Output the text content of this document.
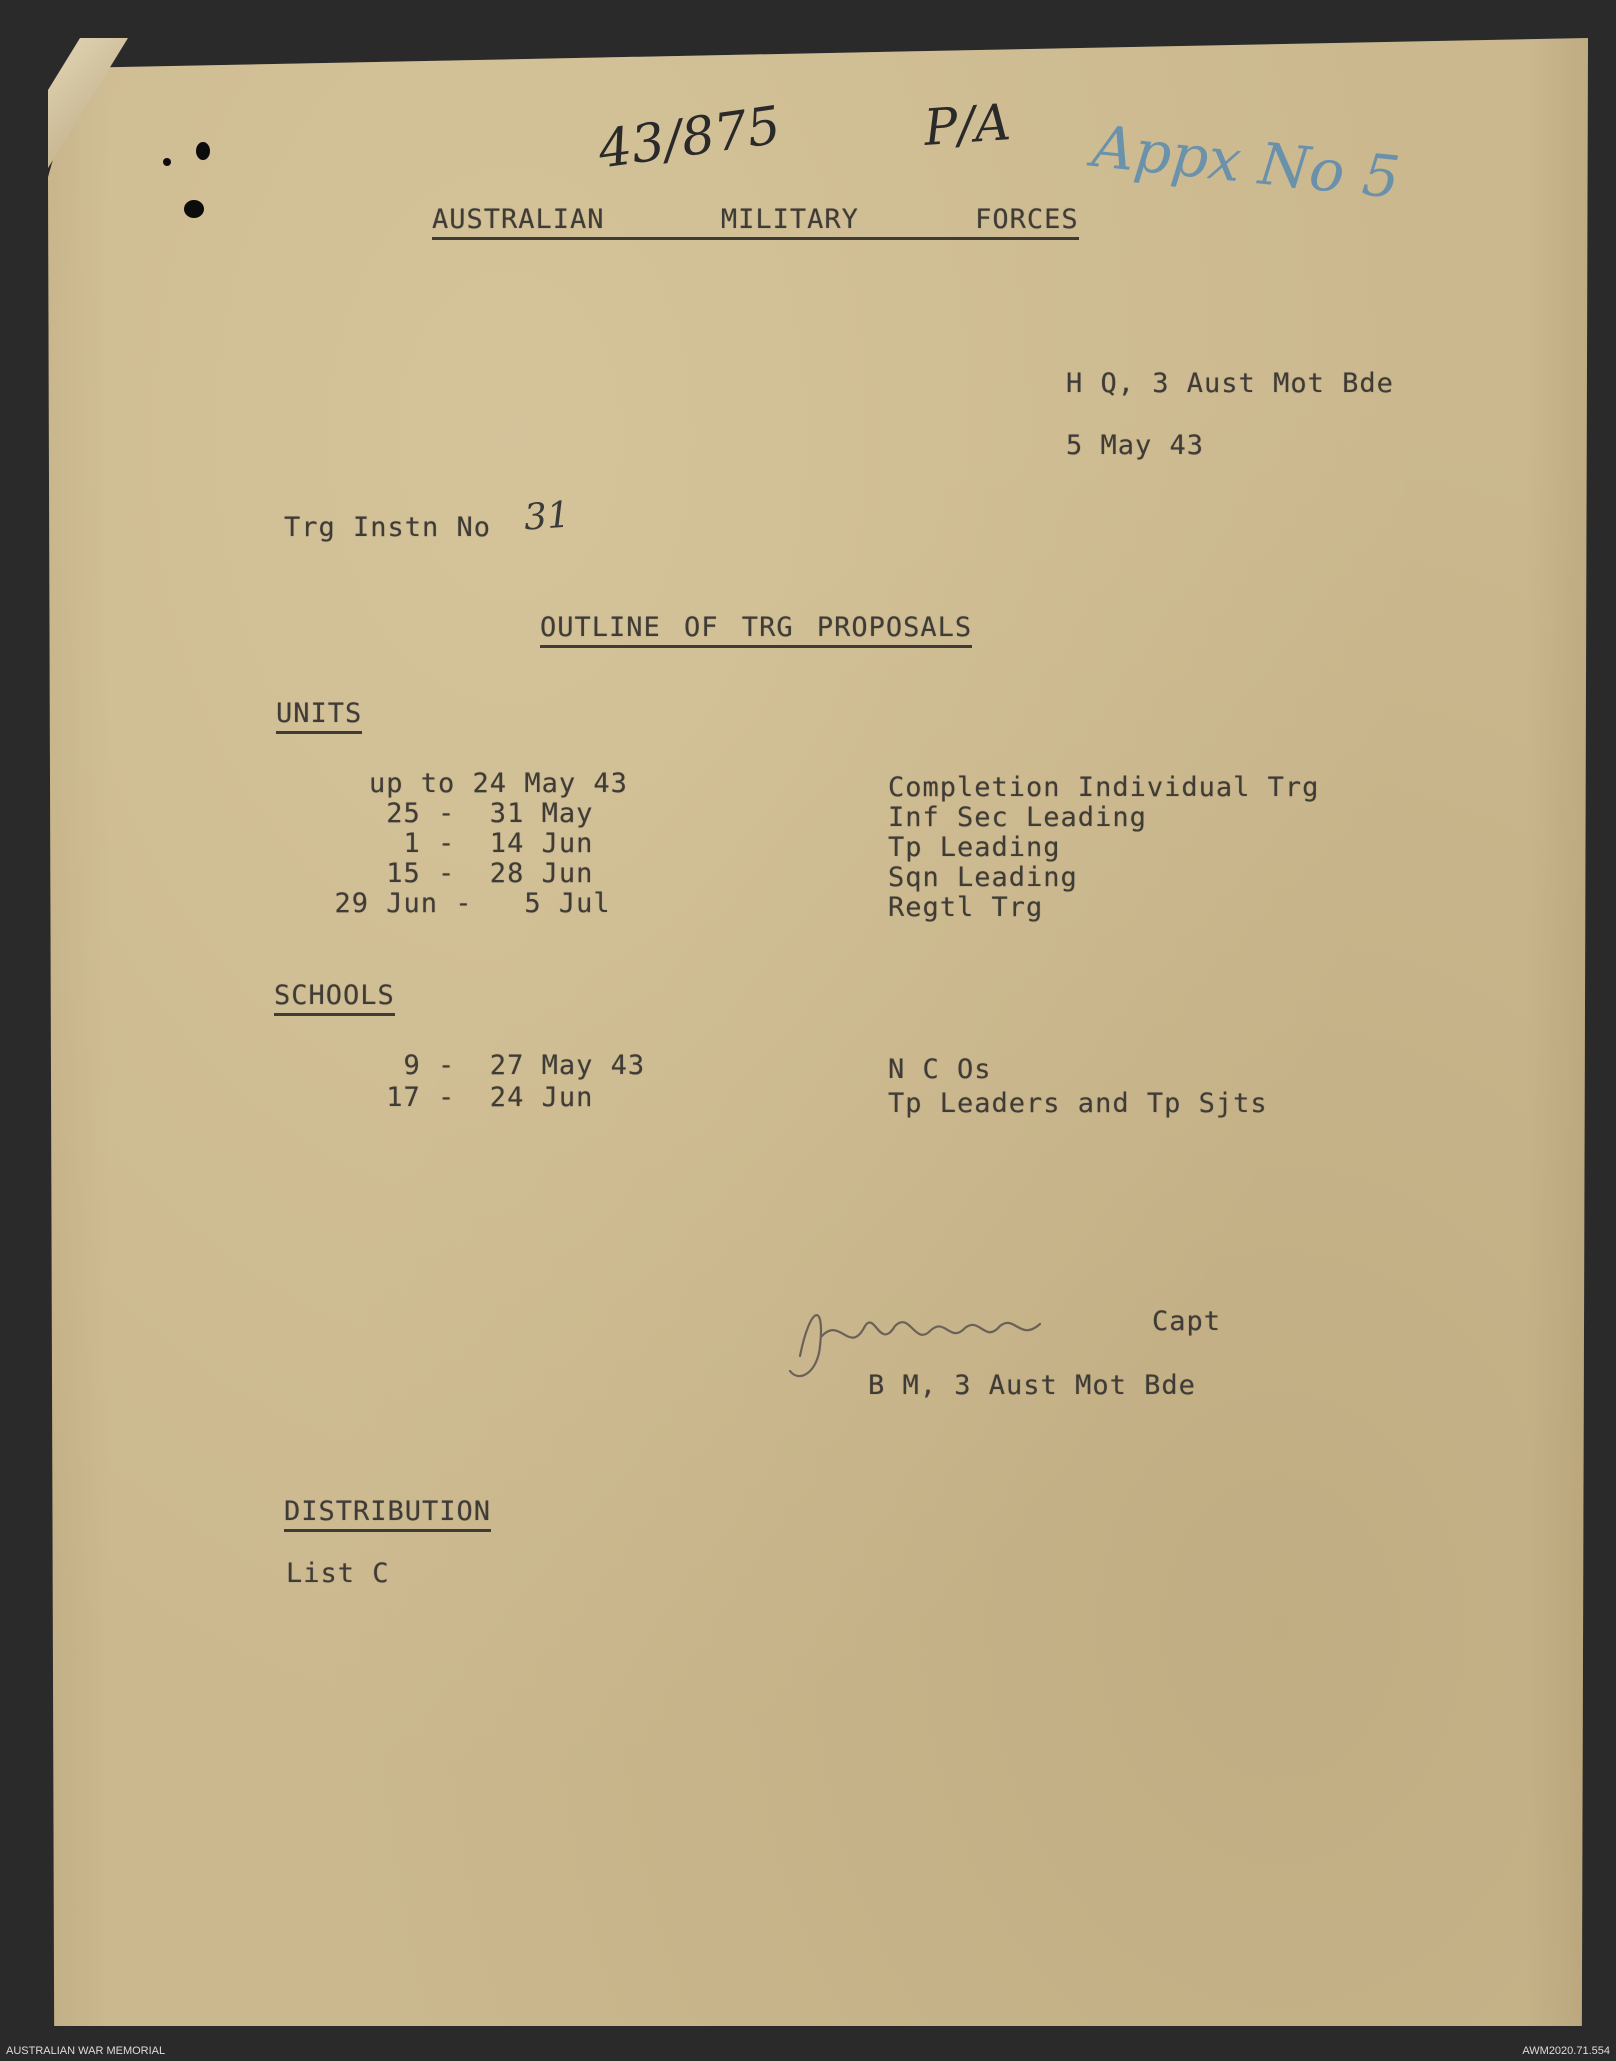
43/875	P/A Appx No 5
AUSTRALIAN     MILITARY     FORCES
H Q, 3 Aust Mot Bde
5 May 43
Trg Instn No 31
OUTLINE OF TRG PROPOSALS
UNITS
up to 24 May 43	Completion Individual Trg
25 -  31 May	Inf Sec Leading
1 -  14 Jun	Tp Leading
15 -  28 Jun	Sqn Leading
29 Jun -   5 Jul	Regtl Trg
SCHOOLS
9 -  27 May 43	N C Os
17 -  24 Jun	Tp Leaders and Tp Sjts
Capt
B M, 3 Aust Mot Bde
DISTRIBUTION
List C
AUSTRALIAN WAR MEMORIAL	AWM2020.71.554
